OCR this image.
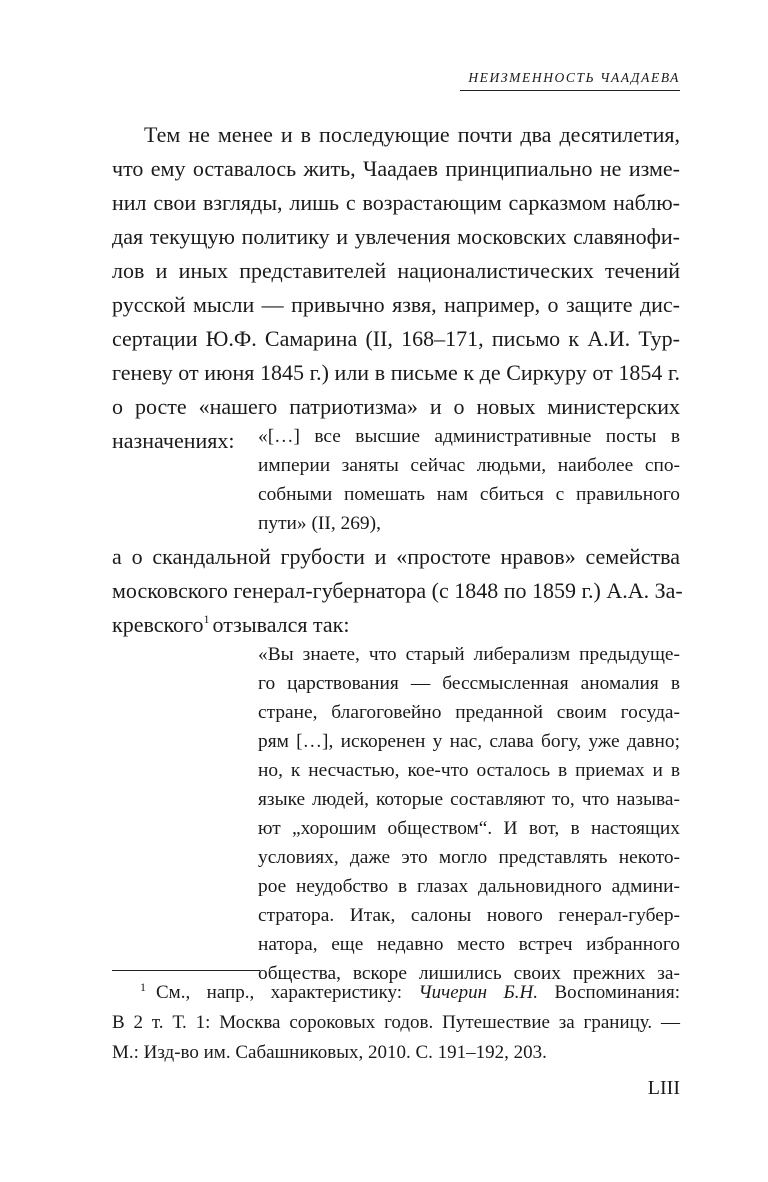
НЕИЗМЕННОСТЬ ЧААДАЕВА
Тем не менее и в последующие почти два десятилетия,
что ему оставалось жить, Чаадаев принципиально не изме-
нил свои взгляды, лишь с возрастающим сарказмом наблю-
дая текущую политику и увлечения московских славянофи-
лов и иных представителей националистических течений
русской мысли — привычно язвя, например, о защите дис-
сертации Ю.Ф. Самарина (II, 168–171, письмо к А.И. Тур-
геневу от июня 1845 г.) или в письме к де Сиркуру от 1854 г.
о росте «нашего патриотизма» и о новых министерских
назначениях: «[…] все высшие административные посты в
империи заняты сейчас людьми, наиболее спо-
собными помешать нам сбиться с правильного
пути» (II, 269),
а о скандальной грубости и «простоте нравов» семейства
московского генерал-губернатора (с 1848 по 1859 г.) А.А. За-
кревского$^1$ отзывался так:
«Вы знаете, что старый либерализм предыдуще-
го царствования — бессмысленная аномалия в
стране, благоговейно преданной своим госуда-
рям […], искоренен у нас, слава богу, уже давно;
но, к несчастью, кое-что осталось в приемах и в
языке людей, которые составляют то, что называ-
ют „хорошим обществом“. И вот, в настоящих
условиях, даже это могло представлять некото-
рое неудобство в глазах дальновидного админи-
стратора. Итак, салоны нового генерал-губер-
натора, еще недавно место встреч избранного
общества, вскоре лишились своих прежних за-
$^1$ См., напр., характеристику: Чичерин Б.Н. Воспоминания:
В 2 т. Т. 1: Москва сороковых годов. Путешествие за границу. —
М.: Изд-во им. Сабашниковых, 2010. С. 191–192, 203.
LIII
